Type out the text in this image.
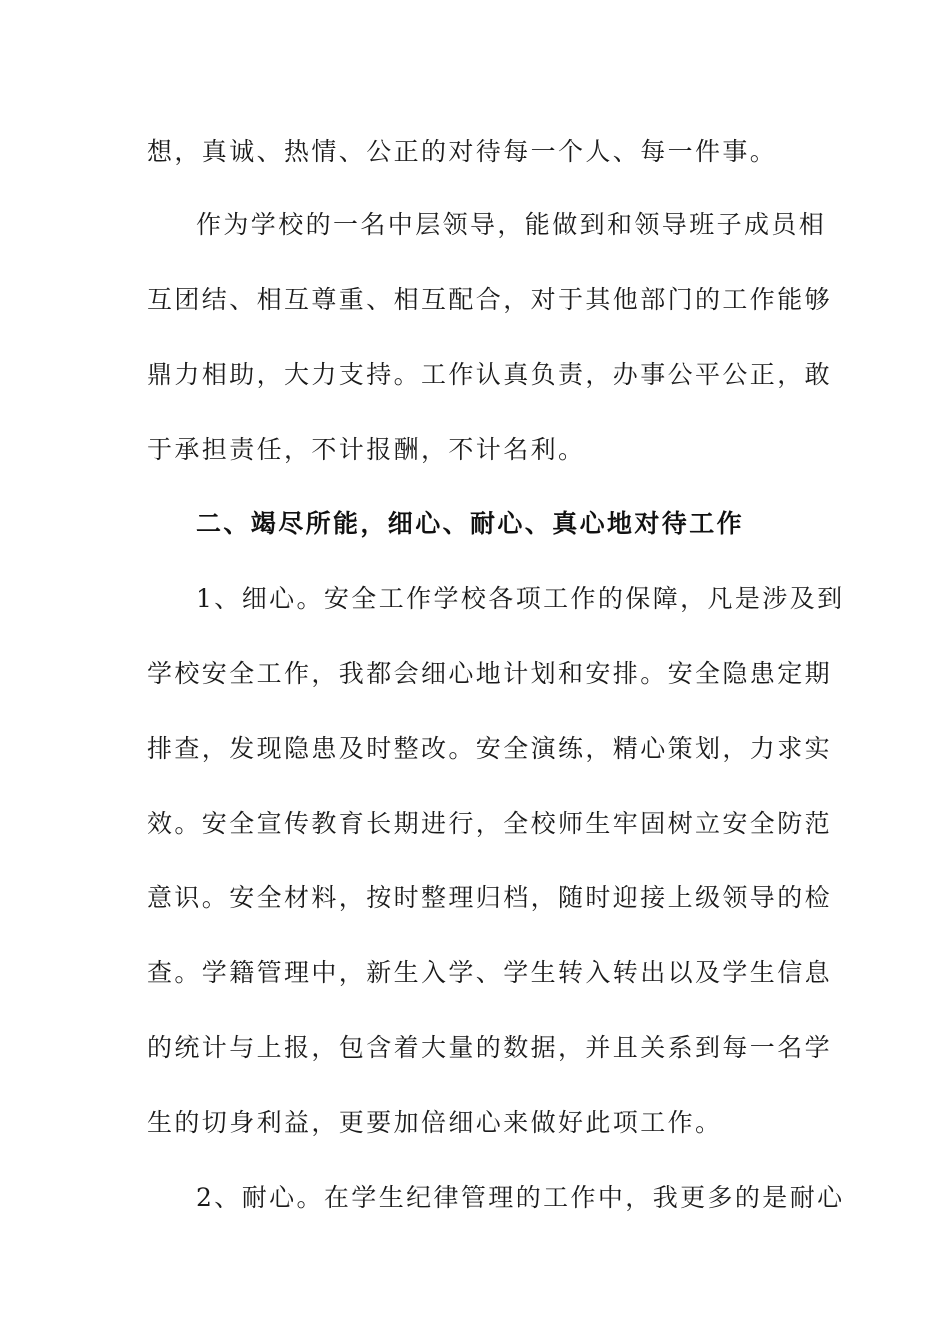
想，真诚、热情、公正的对待每一个人、每一件事。
作为学校的一名中层领导，能做到和领导班子成员相
互团结、相互尊重、相互配合，对于其他部门的工作能够
鼎力相助，大力支持。工作认真负责，办事公平公正，敢
于承担责任，不计报酬，不计名利。
二、竭尽所能，细心、耐心、真心地对待工作
1、细心。安全工作学校各项工作的保障，凡是涉及到
学校安全工作，我都会细心地计划和安排。安全隐患定期
排查，发现隐患及时整改。安全演练，精心策划，力求实
效。安全宣传教育长期进行，全校师生牢固树立安全防范
意识。安全材料，按时整理归档，随时迎接上级领导的检
查。学籍管理中，新生入学、学生转入转出以及学生信息
的统计与上报，包含着大量的数据，并且关系到每一名学
生的切身利益，更要加倍细心来做好此项工作。
2、耐心。在学生纪律管理的工作中，我更多的是耐心
